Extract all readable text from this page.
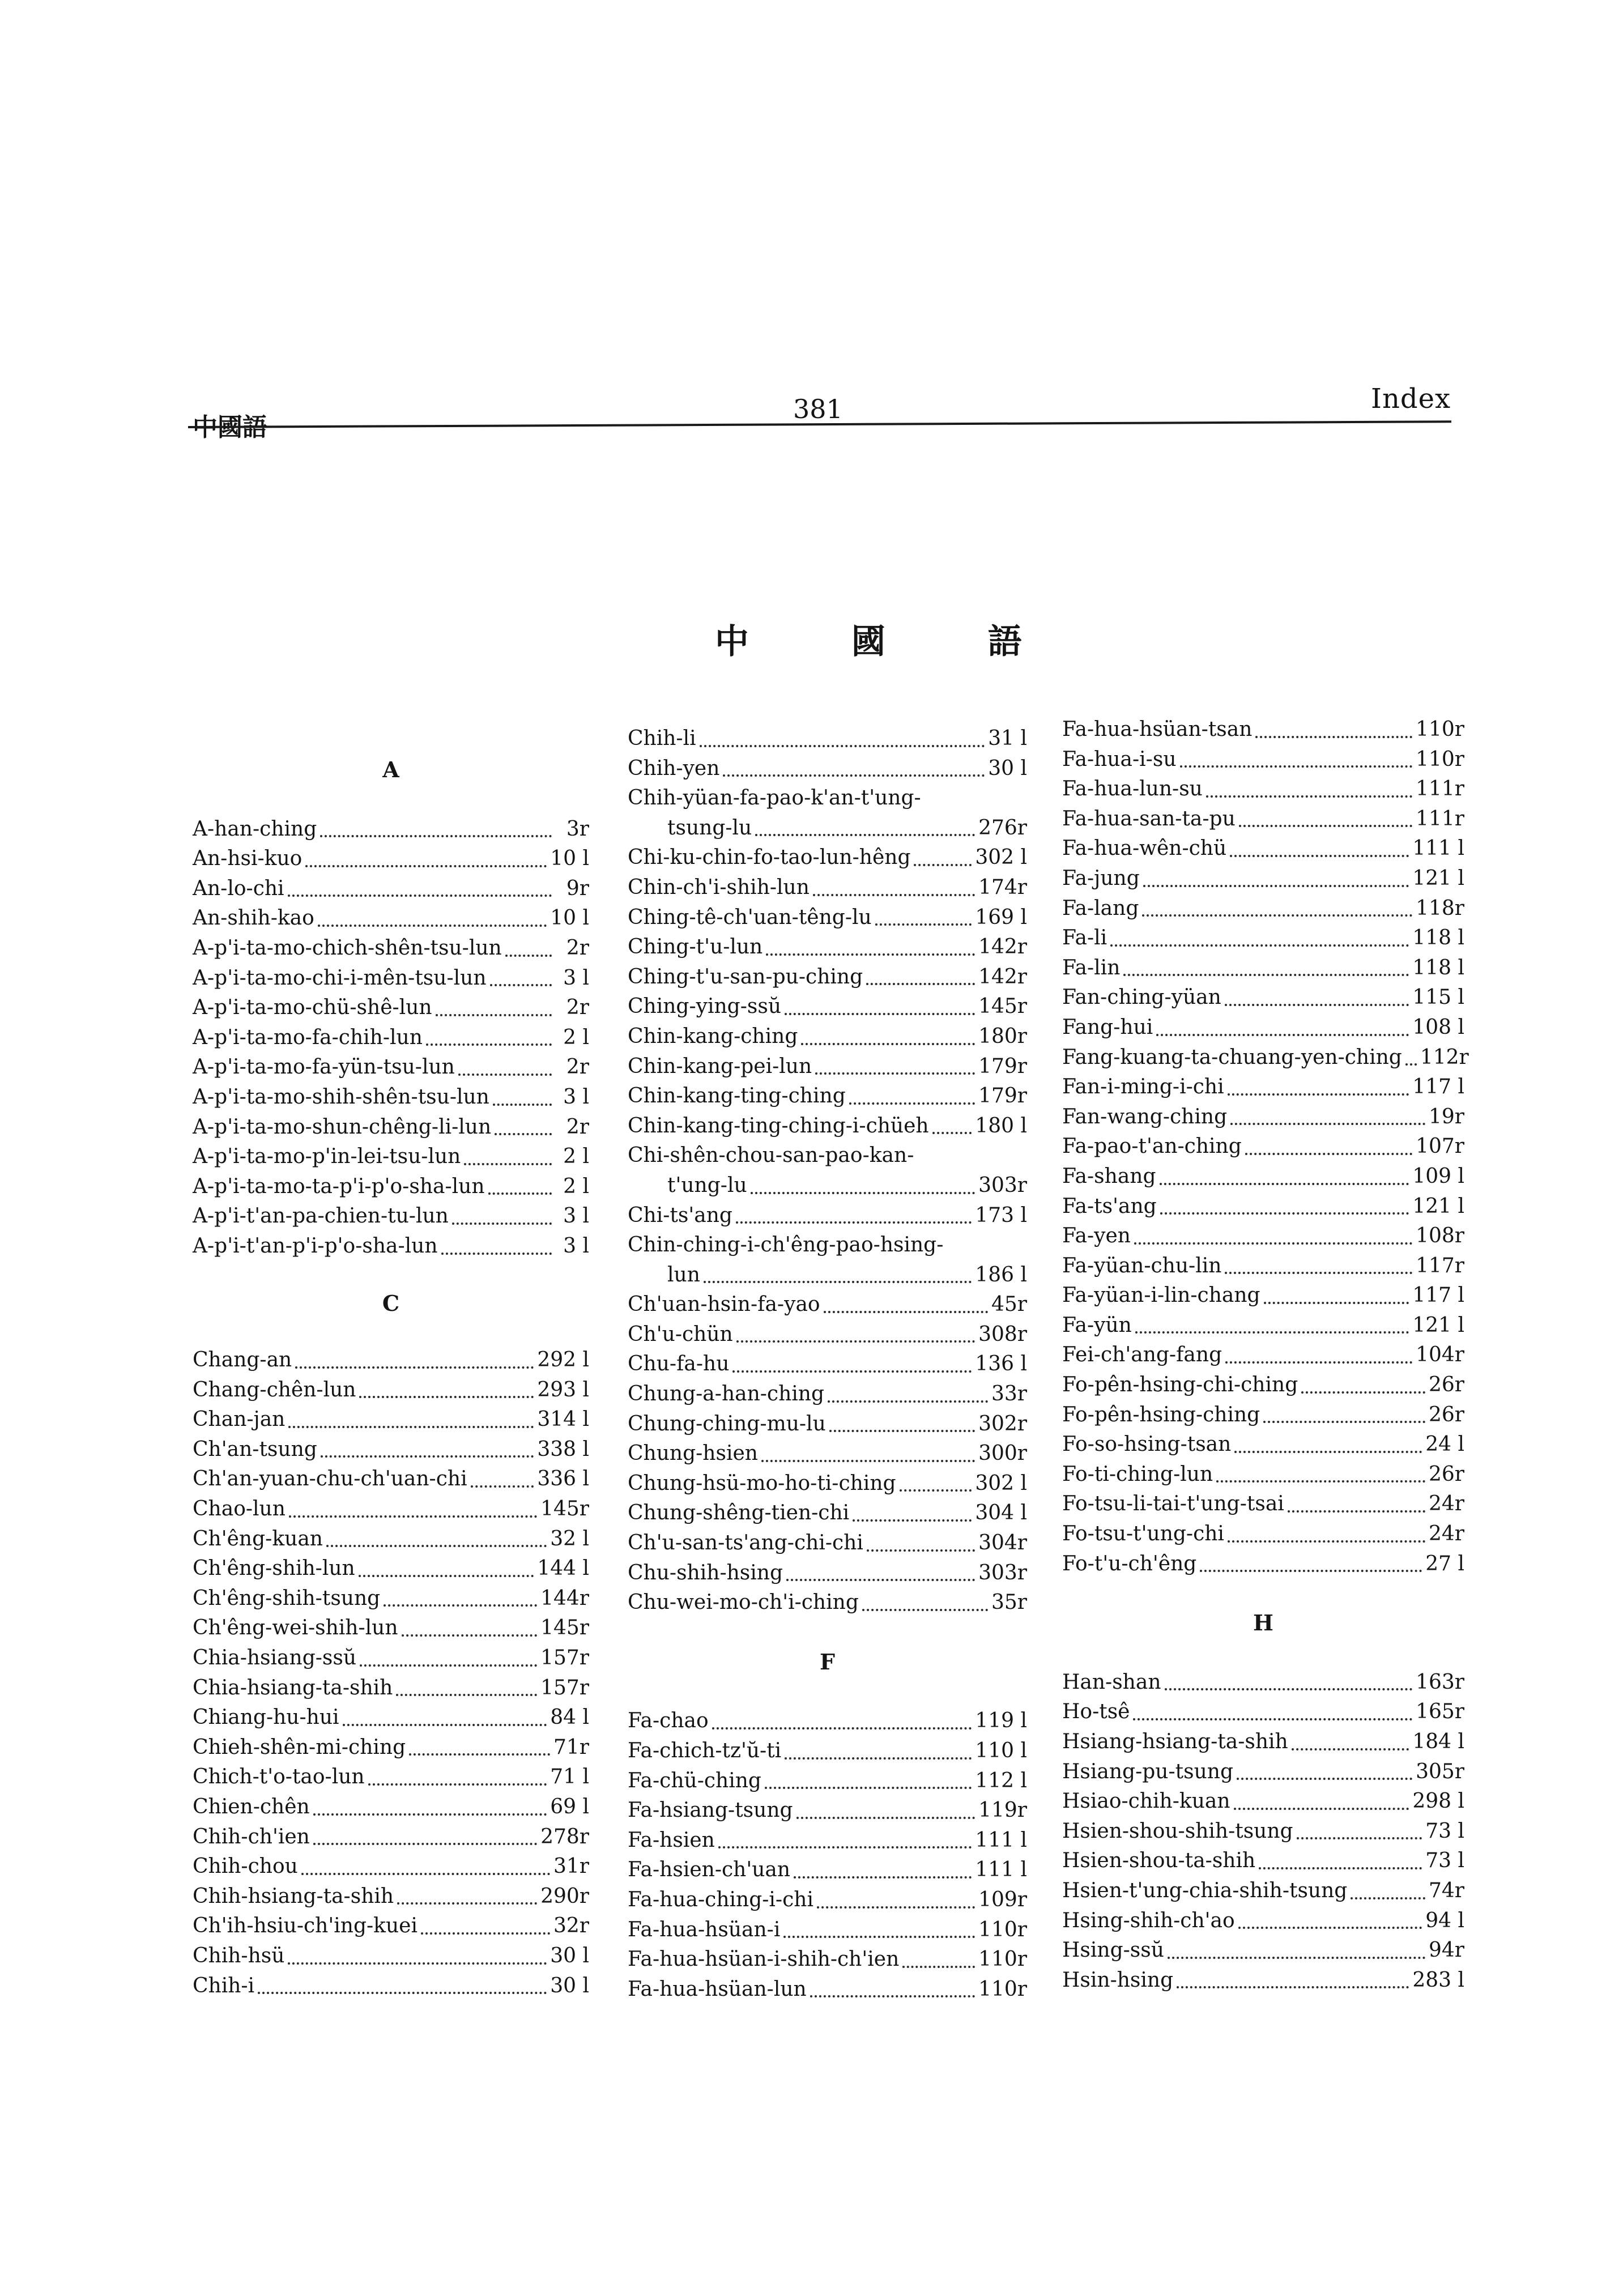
中國語
381	Index
中 國 語
A
A-han-ching	3r
An-hsi-kuo	10 l
An-lo-chi	9r
An-shih-kao	10 l
A-p'i-ta-mo-chich-shên-tsu-lun	2r
A-p'i-ta-mo-chi-i-mên-tsu-lun	3 l
A-p'i-ta-mo-chü-shê-lun	2r
A-p'i-ta-mo-fa-chih-lun	2 l
A-p'i-ta-mo-fa-yün-tsu-lun	2r
A-p'i-ta-mo-shih-shên-tsu-lun	3 l
A-p'i-ta-mo-shun-chêng-li-lun	2r
A-p'i-ta-mo-p'in-lei-tsu-lun	2 l
A-p'i-ta-mo-ta-p'i-p'o-sha-lun	2 l
A-p'i-t'an-pa-chien-tu-lun	3 l
A-p'i-t'an-p'i-p'o-sha-lun	3 l
C
Chang-an	292 l
Chang-chên-lun	293 l
Chan-jan	314 l
Ch'an-tsung	338 l
Ch'an-yuan-chu-ch'uan-chi	336 l
Chao-lun	145r
Ch'êng-kuan	32 l
Ch'êng-shih-lun	144 l
Ch'êng-shih-tsung	144r
Ch'êng-wei-shih-lun	145r
Chia-hsiang-ssŭ	157r
Chia-hsiang-ta-shih	157r
Chiang-hu-hui	84 l
Chieh-shên-mi-ching	71r
Chich-t'o-tao-lun	71 l
Chien-chên	69 l
Chih-ch'ien	278r
Chih-chou	31r
Chih-hsiang-ta-shih	290r
Ch'ih-hsiu-ch'ing-kuei	32r
Chih-hsü	30 l
Chih-i	30 l
Chih-li	31 l
Chih-yen	30 l
Chih-yüan-fa-pao-k'an-t'ung-
tsung-lu	276r
Chi-ku-chin-fo-tao-lun-hêng	302 l
Chin-ch'i-shih-lun	174r
Ching-tê-ch'uan-têng-lu	169 l
Ching-t'u-lun	142r
Ching-t'u-san-pu-ching	142r
Ching-ying-ssŭ	145r
Chin-kang-ching	180r
Chin-kang-pei-lun	179r
Chin-kang-ting-ching	179r
Chin-kang-ting-ching-i-chüeh 180 l
Chi-shên-chou-san-pao-kan-
t'ung-lu	303r
Chi-ts'ang	173 l
Chin-ching-i-ch'êng-pao-hsing-
lun	186 l
Ch'uan-hsin-fa-yao	45r
Ch'u-chün	308r
Chu-fa-hu	136 l
Chung-a-han-ching	33r
Chung-ching-mu-lu	302r
Chung-hsien	300r
Chung-hsü-mo-ho-ti-ching	302 l
Chung-shêng-tien-chi	304 l
Ch'u-san-ts'ang-chi-chi	304r
Chu-shih-hsing	303r
Chu-wei-mo-ch'i-ching	35r
F
Fa-chao	119 l
Fa-chich-tz'ŭ-ti	110 l
Fa-chü-ching	112 l
Fa-hsiang-tsung	119r
Fa-hsien	111 l
Fa-hsien-ch'uan	111 l
Fa-hua-ching-i-chi	109r
Fa-hua-hsüan-i	110r
Fa-hua-hsüan-i-shih-ch'ien	110r
Fa-hua-hsüan-lun	110r
Fa-hua-hsüan-tsan	110r
Fa-hua-i-su	110r
Fa-hua-lun-su	111r
Fa-hua-san-ta-pu	111r
Fa-hua-wên-chü	111 l
Fa-jung	121 l
Fa-lang	118r
Fa-li	118 l
Fa-lin	118 l
Fan-ching-yüan	115 l
Fang-hui	108 l
Fang-kuang-ta-chuang-yen-ching 112r
Fan-i-ming-i-chi	117 l
Fan-wang-ching	19r
Fa-pao-t'an-ching	107r
Fa-shang	109 l
Fa-ts'ang	121 l
Fa-yen	108r
Fa-yüan-chu-lin	117r
Fa-yüan-i-lin-chang	117 l
Fa-yün	121 l
Fei-ch'ang-fang	104r
Fo-pên-hsing-chi-ching	26r
Fo-pên-hsing-ching	26r
Fo-so-hsing-tsan	24 l
Fo-ti-ching-lun	26r
Fo-tsu-li-tai-t'ung-tsai	24r
Fo-tsu-t'ung-chi	24r
Fo-t'u-ch'êng	27 l
H
Han-shan	163r
Ho-tsê	165r
Hsiang-hsiang-ta-shih	184 l
Hsiang-pu-tsung	305r
Hsiao-chih-kuan	298 l
Hsien-shou-shih-tsung	73 l
Hsien-shou-ta-shih	73 l
Hsien-t'ung-chia-shih-tsung	74r
Hsing-shih-ch'ao	94 l
Hsing-ssŭ	94r
Hsin-hsing	283 l
